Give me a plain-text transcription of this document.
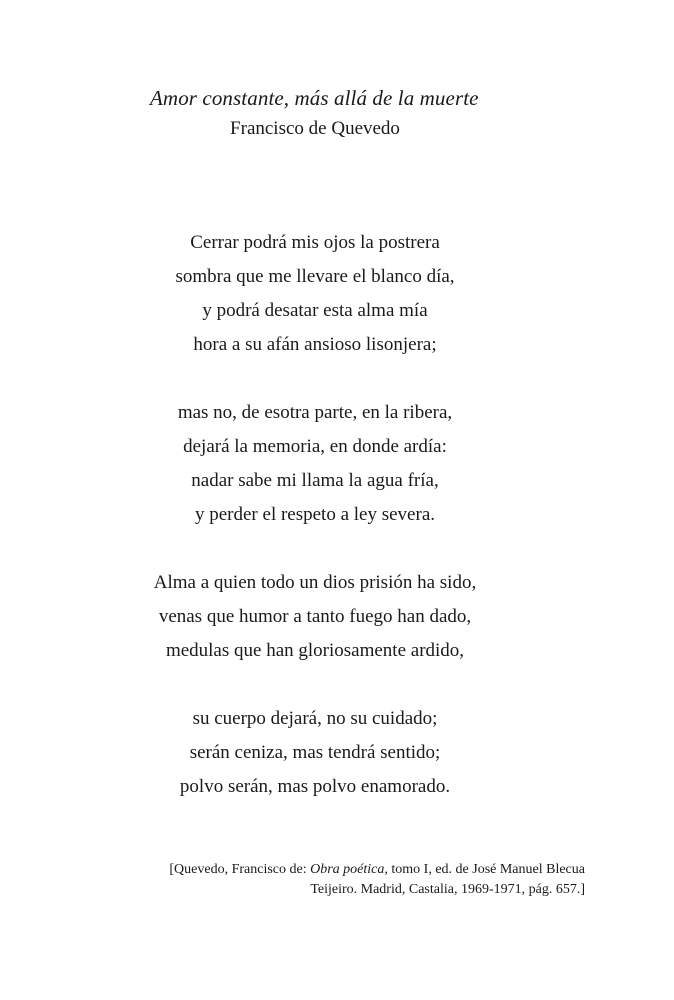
Amor constante, más allá de la muerte
Francisco de Quevedo
Cerrar podrá mis ojos la postrera
sombra que me llevare el blanco día,
y podrá desatar esta alma mía
hora a su afán ansioso lisonjera;
mas no, de esotra parte, en la ribera,
dejará la memoria, en donde ardía:
nadar sabe mi llama la agua fría,
y perder el respeto a ley severa.
Alma a quien todo un dios prisión ha sido,
venas que humor a tanto fuego han dado,
medulas que han gloriosamente ardido,
su cuerpo dejará, no su cuidado;
serán ceniza, mas tendrá sentido;
polvo serán, mas polvo enamorado.
[Quevedo, Francisco de: Obra poética, tomo I, ed. de José Manuel Blecua
Teijeiro. Madrid, Castalia, 1969-1971, pág. 657.]
